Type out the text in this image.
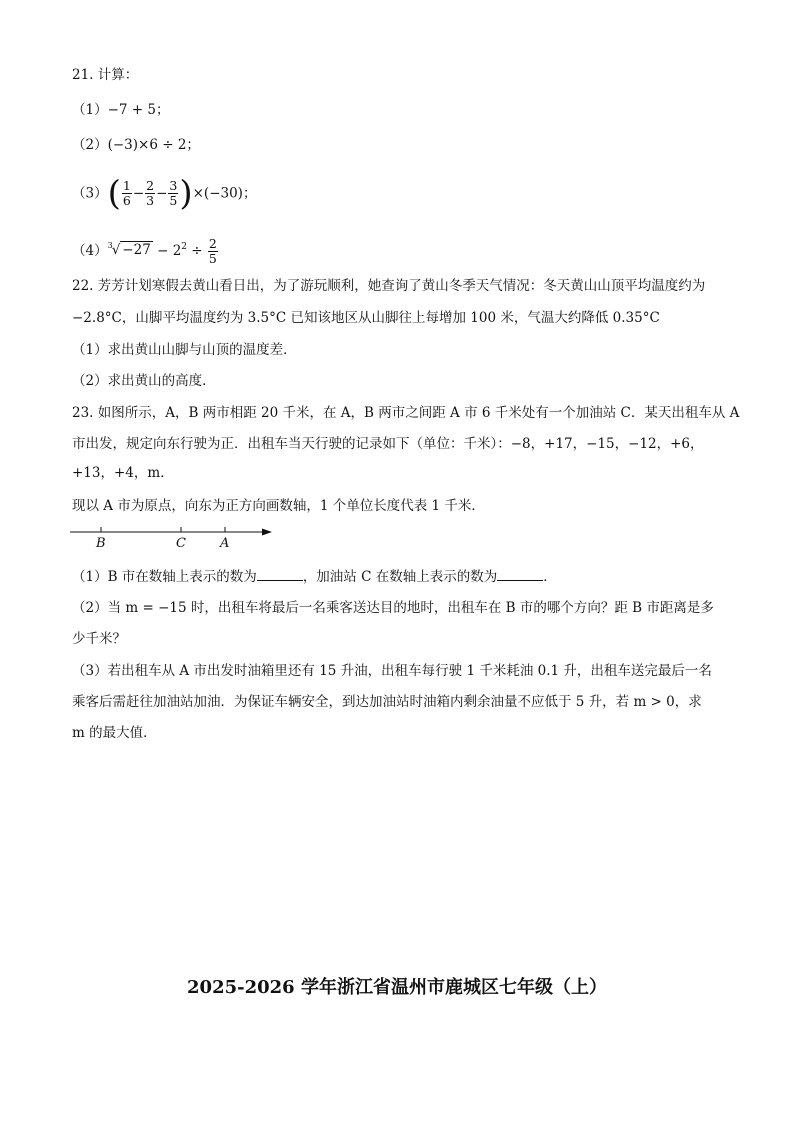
21. 计算：
（1）−7 + 5；
（2）(−3)×6 ÷ 2；
$(3)( \frac{1}{6} - \frac{2}{3} - \frac{3}{5} )\times(-30)$；
$(4)^3√ -27 - 2^2 \div \frac{2}{5}$
22. 芳芳计划寒假去黄山看日出，为了游玩顺利，她查询了黄山冬季天气情况：冬天黄山山顶平均温度约为
−2.8°C，山脚平均温度约为 3.5°C 已知该地区从山脚往上每增加 100 米，气温大约降低 0.35°C
（1）求出黄山山脚与山顶的温度差．
（2）求出黄山的高度．
23. 如图所示，A，B 两市相距 20 千米，在 A，B 两市之间距 A 市 6 千米处有一个加油站 C．某天出租车从 A
市出发，规定向东行驶为正．出租车当天行驶的记录如下（单位：千米）：−8，+17，−15，−12，+6，
+13，+4，m．
现以 A 市为原点，向东为正方向画数轴，1 个单位长度代表 1 千米．
B	C	A
（1）B 市在数轴上表示的数为	，加油站 C 在数轴上表示的数为	．
（2）当 m = −15 时，出租车将最后一名乘客送达目的地时，出租车在 B 市的哪个方向？距 B 市距离是多
少千米？
（3）若出租车从 A 市出发时油箱里还有 15 升油，出租车每行驶 1 千米耗油 0.1 升，出租车送完最后一名
乘客后需赶往加油站加油．为保证车辆安全，到达加油站时油箱内剩余油量不应低于 5 升，若 m > 0，求
m 的最大值．
2025-2026 学年浙江省温州市鹿城区七年级（上）
